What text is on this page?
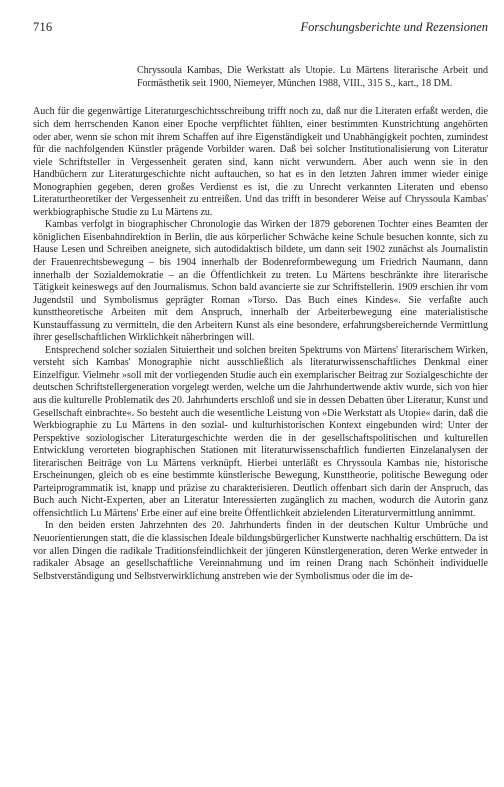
716	Forschungsberichte und Rezensionen
Chryssoula Kambas, Die Werkstatt als Utopie. Lu Märtens literarische Arbeit und Formästhetik seit 1900, Niemeyer, München 1988, VIII., 315 S., kart., 18 DM.

Auch für die gegenwärtige Literaturgeschichtsschreibung trifft noch zu, daß nur die Literaten erfaßt werden, die sich dem herrschenden Kanon einer Epoche verpflichtet fühlten, einer bestimmten Kunstrichtung angehörten oder aber, wenn sie schon mit ihrem Schaffen auf ihre Eigenständigkeit und Unabhängigkeit pochten, zumindest für die nachfolgenden Künstler prägende Vorbilder waren. Daß bei solcher Institutionalisierung von Literatur viele Schriftsteller in Vergessenheit geraten sind, kann nicht verwundern. Aber auch wenn sie in den Handbüchern zur Literaturgeschichte nicht auftauchen, so hat es in den letzten Jahren immer wieder einige Monographien gegeben, deren großes Verdienst es ist, die zu Unrecht verkannten Literaten und ebenso Literaturtheoretiker der Vergessenheit zu entreißen. Und das trifft in besonderer Weise auf Chryssoula Kambas' werkbiographische Studie zu Lu Märtens zu.

Kambas verfolgt in biographischer Chronologie das Wirken der 1879 geborenen Tochter eines Beamten der königlichen Eisenbahndirektion in Berlin, die aus körperlicher Schwäche keine Schule besuchen konnte, sich zu Hause Lesen und Schreiben aneignete, sich autodidaktisch bildete, um dann seit 1902 zunächst als Journalistin der Frauenrechtsbewegung – bis 1904 innerhalb der Bodenreformbewegung um Friedrich Naumann, dann innerhalb der Sozialdemokratie – an die Öffentlichkeit zu treten. Lu Märtens beschränkte ihre literarische Tätigkeit keineswegs auf den Journalismus. Schon bald avancierte sie zur Schriftstellerin. 1909 erschien ihr vom Jugendstil und Symbolismus geprägter Roman »Torso. Das Buch eines Kindes«. Sie verfaßte auch kunsttheoretische Arbeiten mit dem Anspruch, innerhalb der Arbeiterbewegung eine materialistische Kunstauffassung zu vermitteln, die den Arbeitern Kunst als eine besondere, erfahrungsbereichernde Vermittlung ihrer gesellschaftlichen Wirklichkeit näherbringen will.

Entsprechend solcher sozialen Situiertheit und solchen breiten Spektrums von Märtens' literarischem Wirken, versteht sich Kambas' Monographie nicht ausschließlich als literaturwissenschaftliches Denkmal einer Einzelfigur. Vielmehr »soll mit der vorliegenden Studie auch ein exemplarischer Beitrag zur Sozialgeschichte der deutschen Schriftstellergeneration vorgelegt werden, welche um die Jahrhundertwende aktiv wurde, sich von hier aus die kulturelle Problematik des 20. Jahrhunderts erschloß und sie in dessen Debatten über Literatur, Kunst und Gesellschaft einbrachte«. So besteht auch die wesentliche Leistung von »Die Werkstatt als Utopie« darin, daß die Werkbiographie zu Lu Märtens in den sozial- und kulturhistorischen Kontext eingebunden wird: Unter der Perspektive soziologischer Literaturgeschichte werden die in der gesellschaftspolitischen und kulturellen Entwicklung verorteten biographischen Stationen mit literaturwissenschaftlich fundierten Einzelanalysen der literarischen Beiträge von Lu Märtens verknüpft. Hierbei unterläßt es Chryssoula Kambas nie, historische Erscheinungen, gleich ob es eine bestimmte künstlerische Bewegung, Kunsttheorie, politische Bewegung oder Parteiprogrammatik ist, knapp und präzise zu charakterisieren. Deutlich offenbart sich darin der Anspruch, das Buch auch Nicht-Experten, aber an Literatur Interessierten zugänglich zu machen, wodurch die Autorin ganz offensichtlich Lu Märtens' Erbe einer auf eine breite Öffentlichkeit abzielenden Literaturvermittlung annimmt.

In den beiden ersten Jahrzehnten des 20. Jahrhunderts finden in der deutschen Kultur Umbrüche und Neuorientierungen statt, die die klassischen Ideale bildungsbürgerlicher Kunstwerte nachhaltig erschüttern. Da ist vor allen Dingen die radikale Traditionsfeindlichkeit der jüngeren Künstlergeneration, deren Werke entweder in radikaler Absage an gesellschaftliche Vereinnahmung und im reinen Drang nach Schönheit individuelle Selbstverständigung und Selbstverwirklichung anstreben wie der Symbolismus oder die im de-
